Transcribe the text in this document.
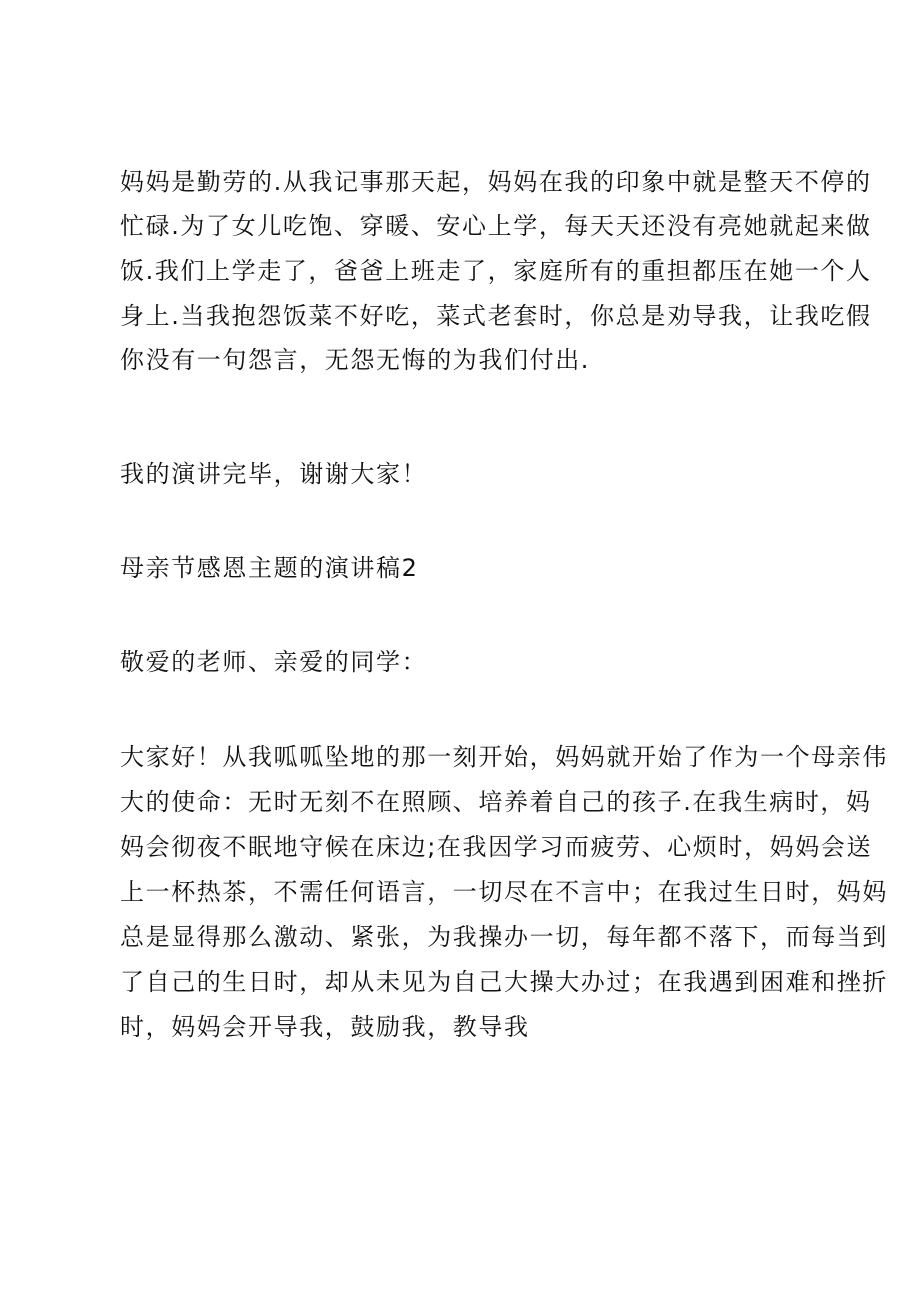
妈妈是勤劳的.从我记事那天起，妈妈在我的印象中就是整天不停的
忙碌.为了女儿吃饱、穿暖、安心上学，每天天还没有亮她就起来做
饭.我们上学走了，爸爸上班走了，家庭所有的重担都压在她一个人
身上.当我抱怨饭菜不好吃，菜式老套时，你总是劝导我，让我吃假
你没有一句怨言，无怨无悔的为我们付出.
我的演讲完毕，谢谢大家！
母亲节感恩主题的演讲稿2
敬爱的老师、亲爱的同学：
大家好！从我呱呱坠地的那一刻开始，妈妈就开始了作为一个母亲伟
大的使命：无时无刻不在照顾、培养着自己的孩子.在我生病时，妈
妈会彻夜不眠地守候在床边;在我因学习而疲劳、心烦时，妈妈会送
上一杯热茶，不需任何语言，一切尽在不言中；在我过生日时，妈妈
总是显得那么激动、紧张，为我操办一切，每年都不落下，而每当到
了自己的生日时，却从未见为自己大操大办过；在我遇到困难和挫折
时，妈妈会开导我，鼓励我，教导我
